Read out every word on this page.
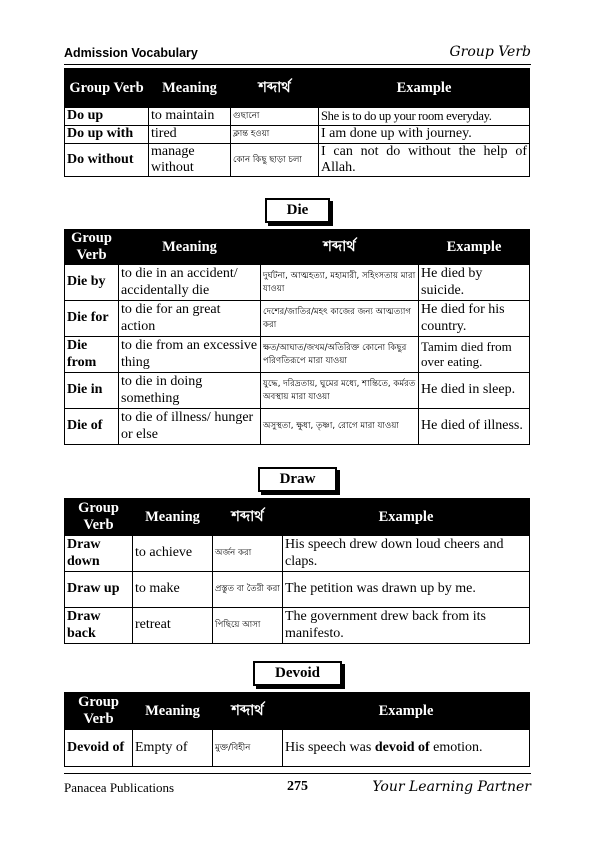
Admission Vocabulary	Group Verb
Group Verb	Meaning	শব্দার্থ	Example
Do up	to maintain	গুছানো	She is to do up your room everyday.
Do up with	tired	ক্লান্ত হওয়া	I am done up with journey.
Do without	manage without	কোন কিছু ছাড়া চলা	I can not do without the help of Allah.
Die
Group Verb	Meaning	শব্দার্থ	Example
Die by	to die in an accident/ accidentally die	দুর্ঘটনা, আত্মহত্যা, মহামারী, সহিংসতায় মারা যাওয়া	He died by suicide.
Die for	to die for an great action	দেশের/জাতির/মহৎ কাজের জন্য আত্মত্যাগ করা	He died for his country.
Die from	to die from an excessive thing	ক্ষত/আঘাত/জখম/অতিরিক্ত কোনো কিছুর পরিণতিরূপে মারা যাওয়া	Tamim died from over eating.
Die in	to die in doing something	যুদ্ধে, দরিদ্রতায়, ঘুমের মধ্যে, শান্তিতে, কর্মরত অবস্থায় মারা যাওয়া	He died in sleep.
Die of	to die of illness/ hunger or else	অসুস্থতা, ক্ষুধা, তৃষ্ণা, রোগে মারা যাওয়া	He died of illness.
Draw
Group Verb	Meaning	শব্দার্থ	Example
Draw down	to achieve	অর্জন করা	His speech drew down loud cheers and claps.
Draw up	to make	প্রস্তুত বা তৈরী করা	The petition was drawn up by me.
Draw back	retreat	পিছিয়ে আসা	The government drew back from its manifesto.
Devoid
Group Verb	Meaning	শব্দার্থ	Example
Devoid of	Empty of	মুক্ত/বিহীন	His speech was devoid of emotion.
Panacea Publications	275	Your Learning Partner
